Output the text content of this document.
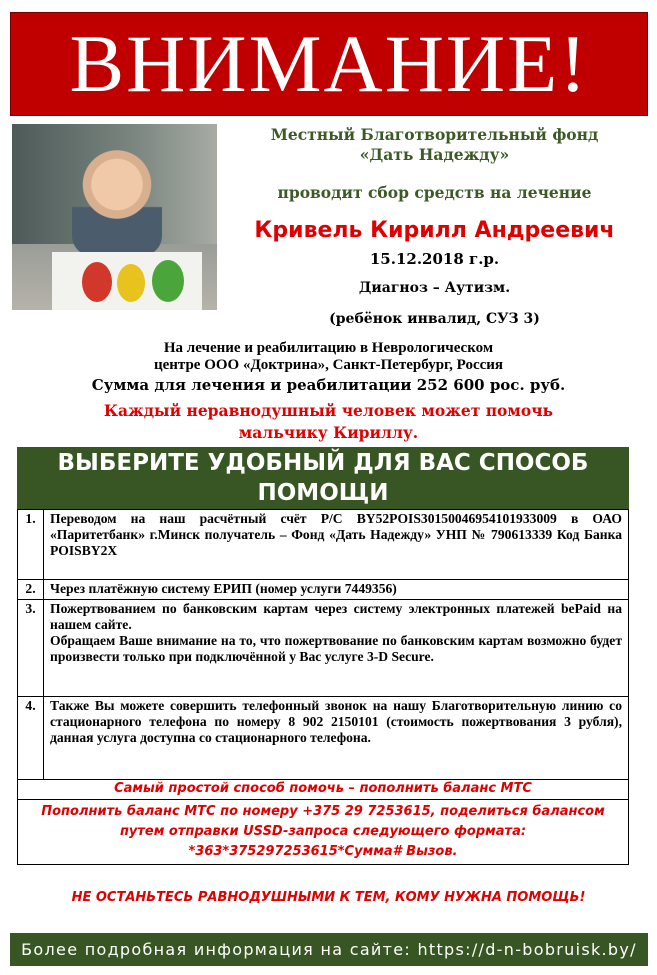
ВНИМАНИЕ!
Местный Благотворительный фонд
«Дать Надежду»
проводит сбор средств на лечение
Кривель Кирилл Андреевич
15.12.2018 г.р.
Диагноз – Аутизм.
(ребёнок инвалид, СУЗ 3)
На лечение и реабилитацию в Неврологическом
центре ООО «Доктрина», Санкт-Петербург, Россия
Сумма для лечения и реабилитации 252 600 рос. руб.
Каждый неравнодушный человек может помочь
мальчику Кириллу.
ВЫБЕРИТЕ УДОБНЫЙ ДЛЯ ВАС СПОСОБ
ПОМОЩИ
1.	Переводом на наш расчётный счёт Р/С BY52POIS30150046954101933009 в ОАО «Паритетбанк» г.Минск получатель – Фонд «Дать Надежду» УНП № 790613339 Код Банка POISBY2X
2.	Через платёжную систему ЕРИП (номер услуги 7449356)
3.	Пожертвованием по банковским картам через систему электронных платежей bePaid на нашем сайте.
Обращаем Ваше внимание на то, что пожертвование по банковским картам возможно будет произвести только при подключённой у Вас услуге 3-D Secure.

4.	Также Вы можете совершить телефонный звонок на нашу Благотворительную линию со стационарного телефона по номеру 8 902 2150101 (стоимость пожертвования 3 рубля), данная услуга доступна со стационарного телефона.
Самый простой способ помочь – пополнить баланс МТС
Пополнить баланс МТС по номеру +375 29 7253615, поделиться балансом
путем отправки USSD-запроса следующего формата:
*363*375297253615*Сумма# Вызов.
НЕ ОСТАНЬТЕСЬ РАВНОДУШНЫМИ К ТЕМ, КОМУ НУЖНА ПОМОЩЬ!
Более подробная информация на сайте: https://d-n-bobruisk.by/
